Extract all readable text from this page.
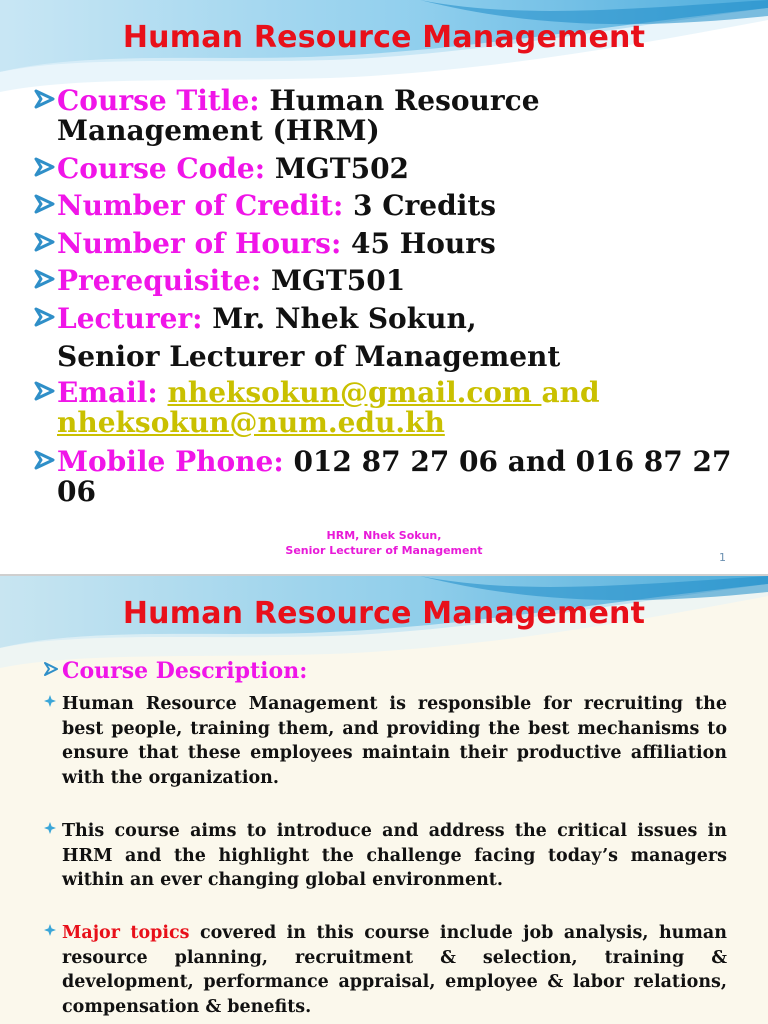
Human Resource Management
Course Title: Human Resource Management (HRM)
Course Code: MGT502
Number of Credit: 3 Credits
Number of Hours: 45 Hours
Prerequisite: MGT501
Lecturer: Mr. Nhek Sokun,
Senior Lecturer of Management
Email: nheksokun@gmail.com and nheksokun@num.edu.kh
Mobile Phone: 012 87 27 06 and 016 87 27 06
HRM, Nhek Sokun,
Senior Lecturer of Management
1
Human Resource Management
Course Description:
Human Resource Management is responsible for recruiting the best people, training them, and providing the best mechanisms to ensure that these employees maintain their productive affiliation with the organization.
This course aims to introduce and address the critical issues in HRM and the highlight the challenge facing today’s managers within an ever changing global environment.
Major topics covered in this course include job analysis, human resource planning, recruitment & selection, training & development, performance appraisal, employee & labor relations, compensation & benefits.
